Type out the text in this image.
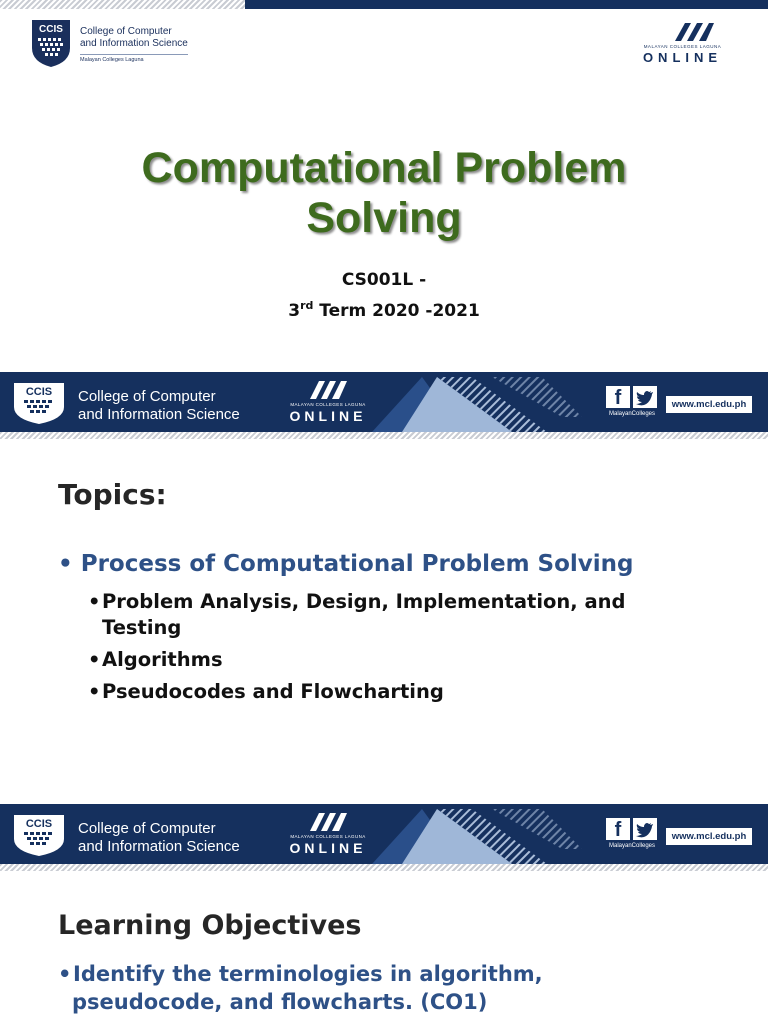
CCIS College of Computer
and Information Science
Malayan Colleges Laguna
MALAYAN COLLEGES LAGUNA
ONLINE
Computational Problem
Solving
CS001L -
3rd Term 2020 -2021
CCIS College of Computer
and Information Science
MALAYAN COLLEGES LAGUNA
ONLINE
f
MalayanColleges
www.mcl.edu.ph
Topics:
• Process of Computational Problem Solving
•Problem Analysis, Design, Implementation, and
Testing
•Algorithms
•Pseudocodes and Flowcharting
CCIS College of Computer
and Information Science
MALAYAN COLLEGES LAGUNA
ONLINE
f
MalayanColleges
www.mcl.edu.ph
Learning Objectives
•Identify the terminologies in algorithm,
pseudocode, and flowcharts. (CO1)
